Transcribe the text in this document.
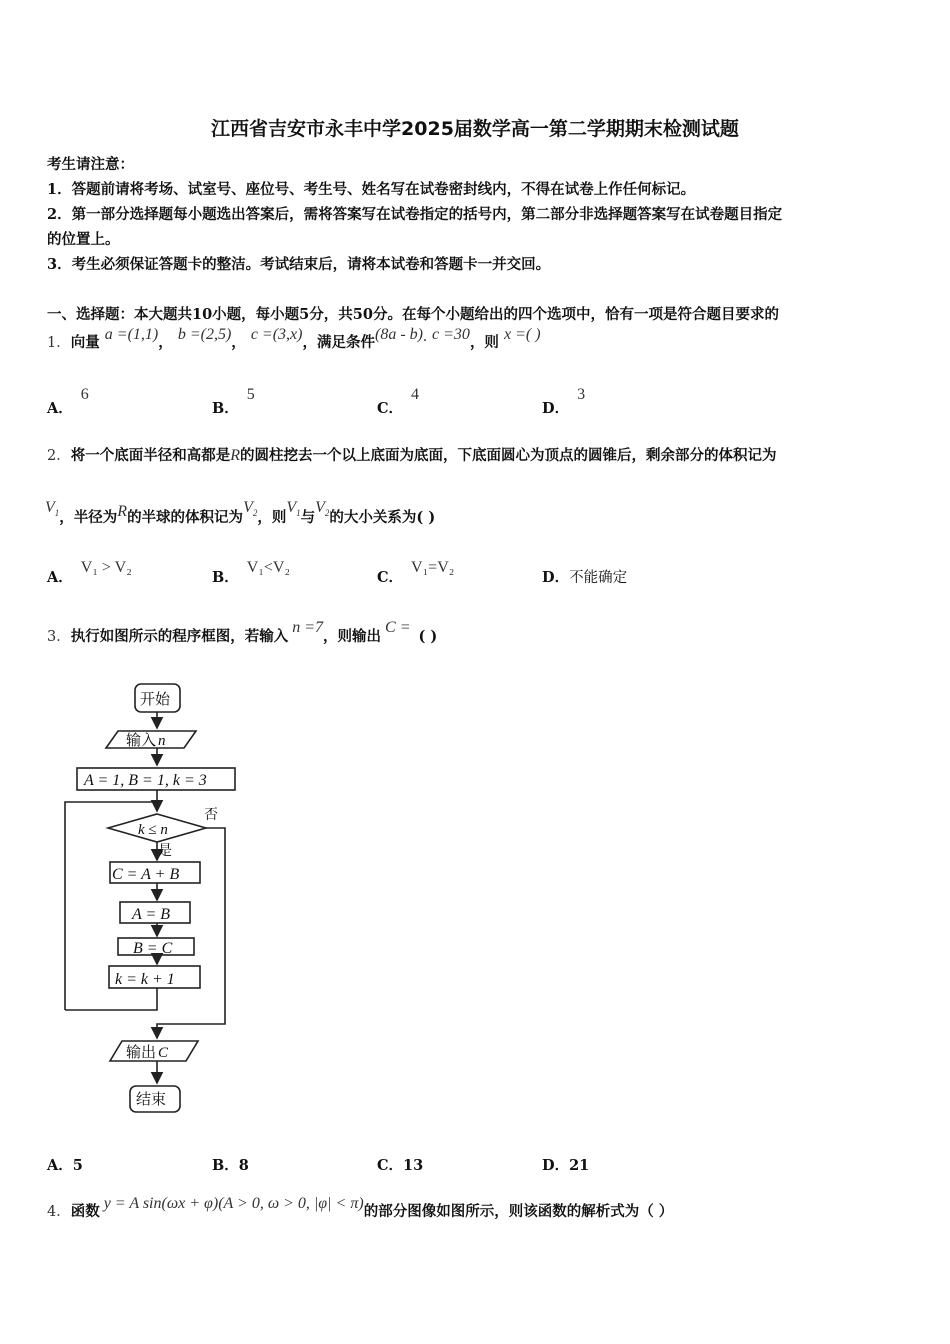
江西省吉安市永丰中学2025届数学高一第二学期期末检测试题
考生请注意：
1．答题前请将考场、试室号、座位号、考生号、姓名写在试卷密封线内，不得在试卷上作任何标记。
2．第一部分选择题每小题选出答案后，需将答案写在试卷指定的括号内，第二部分非选择题答案写在试卷题目指定
的位置上。
3．考生必须保证答题卡的整洁。考试结束后，请将本试卷和答题卡一并交回。
一、选择题：本大题共10小题，每小题5分，共50分。在每个小题给出的四个选项中，恰有一项是符合题目要求的
1．向量 a =(1,1)， b =(2,5)， c =(3,x)，满足条件(8a - b). c =30，则 x =( )
A．6
B．5
C．4
D．3
2．将一个底面半径和高都是R的圆柱挖去一个以上底面为底面，下底面圆心为顶点的圆锥后，剩余部分的体积记为
$V_1$，半径为R的半球的体积记为$V_2$，则$V_1$与$V_2$的大小关系为( )
A．V₁ > V₂
B．V₁<V₂
C．V₁=V₂
D．不能确定
3．执行如图所示的程序框图，若输入n =7，则输出C =( )
开始
输入 n
A = 1, B = 1, k = 3
k ≤ n
否
是
C = A + B
A = B
B = C
k = k + 1
输出 C
结束
A．5	B．8	C．13	D．21
4．函数 y = A sin(ωx + φ)(A > 0, ω > 0, |φ| < π)的部分图像如图所示，则该函数的解析式为（ ）
